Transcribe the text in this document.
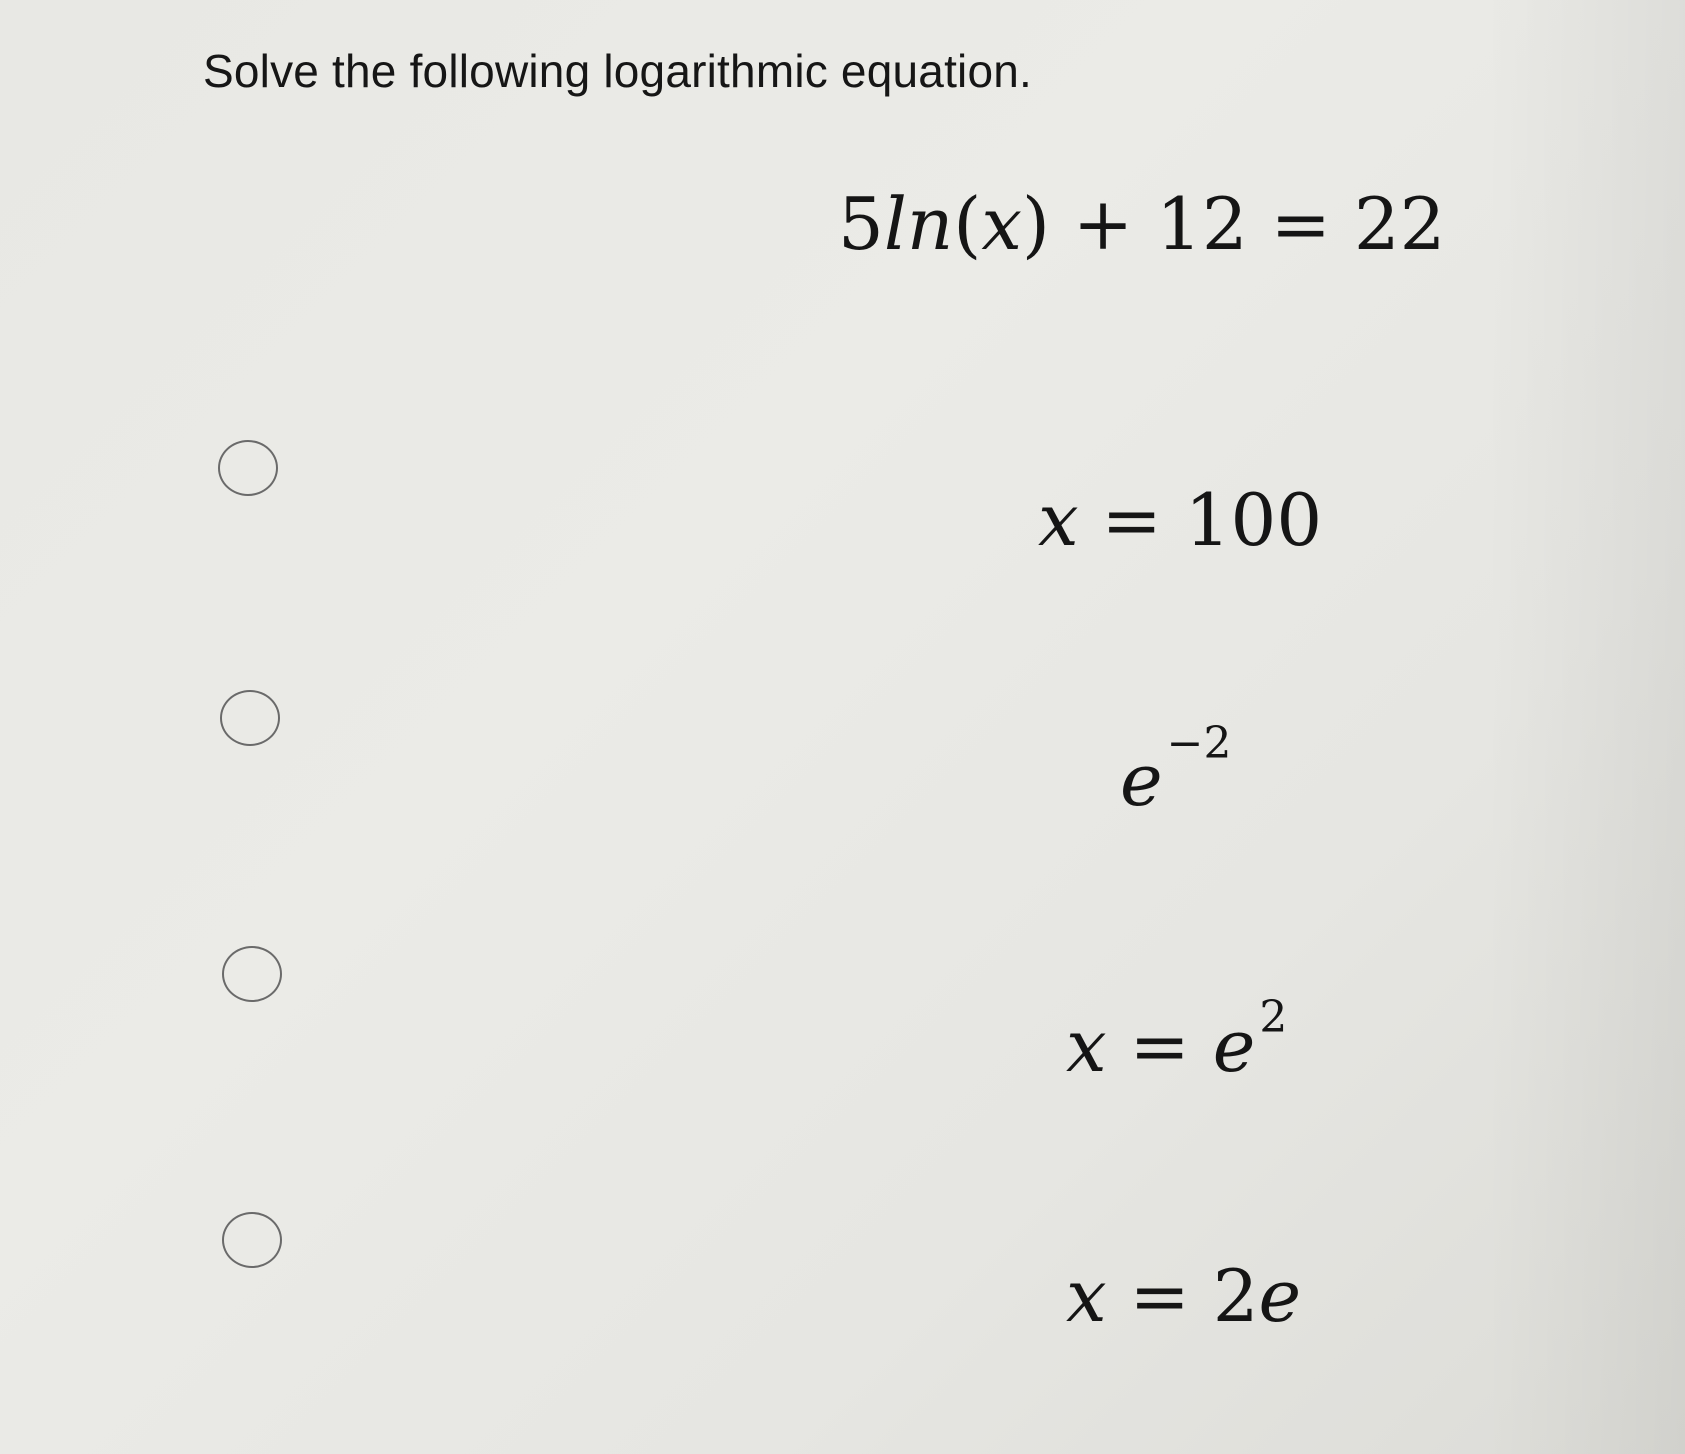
Solve the following logarithmic equation.
5ln(x) + 12 = 22
x = 100
$e^{-2}$
$x = e^2$
x = 2e
